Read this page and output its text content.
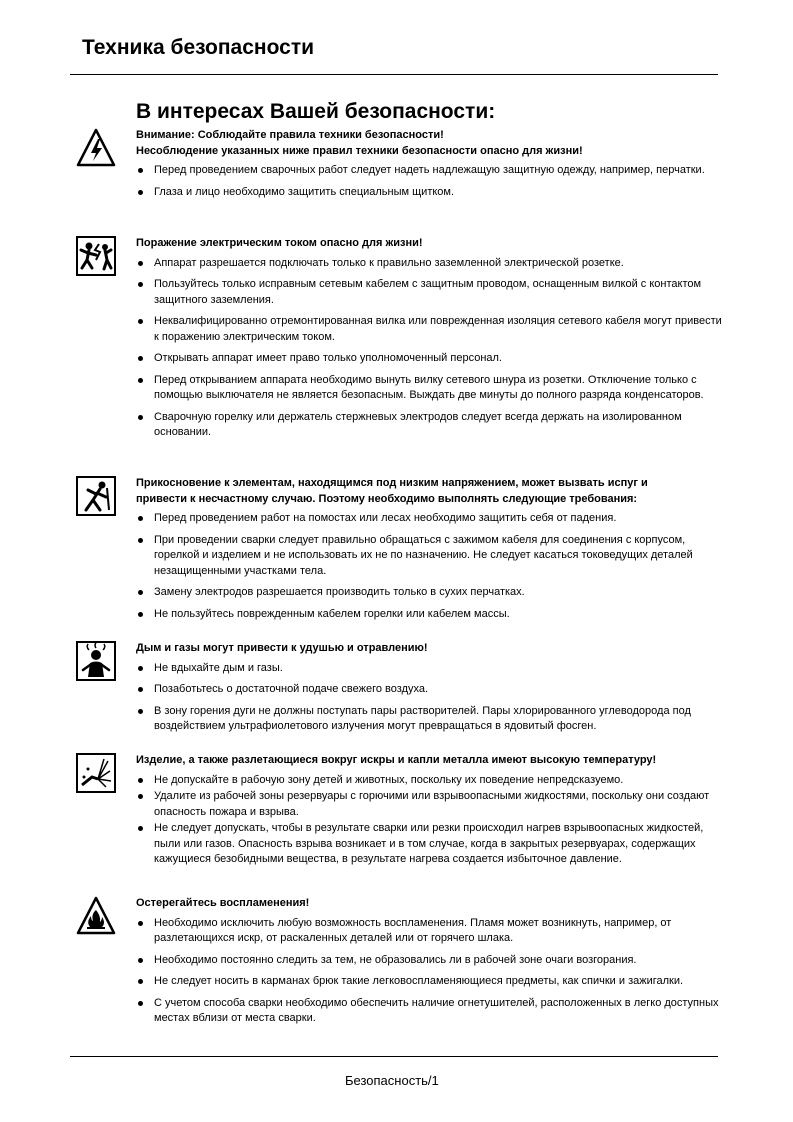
Техника безопасности
В интересах Вашей безопасности:
Внимание: Соблюдайте правила техники безопасности!
Несоблюдение указанных ниже правил техники безопасности опасно для жизни!
Перед проведением сварочных работ следует надеть надлежащую защитную одежду, например, перчатки.
Глаза и лицо необходимо защитить специальным щитком.
Поражение электрическим током опасно для жизни!
Аппарат разрешается подключать только к правильно заземленной электрической розетке.
Пользуйтесь только исправным сетевым кабелем с защитным проводом, оснащенным вилкой с контактом защитного заземления.
Неквалифицированно отремонтированная вилка или поврежденная изоляция сетевого кабеля могут привести к поражению электрическим током.
Открывать аппарат имеет право только уполномоченный персонал.
Перед открыванием аппарата необходимо вынуть вилку сетевого шнура из розетки. Отключение только с помощью выключателя не является безопасным. Выждать две минуты до полного разряда конденсаторов.
Сварочную горелку или держатель стержневых электродов следует всегда держать на изолированном основании.
Прикосновение к элементам, находящимся под низким напряжением, может вызвать испуг и
привести к несчастному случаю. Поэтому необходимо выполнять следующие требования:
Перед проведением работ на помостах или лесах необходимо защитить себя от падения.
При проведении сварки следует правильно обращаться с зажимом кабеля для соединения с корпусом, горелкой и изделием и не использовать их не по назначению. Не следует касаться токоведущих деталей незащищенными участками тела.
Замену электродов разрешается производить только в сухих перчатках.
Не пользуйтесь поврежденным кабелем горелки или кабелем массы.
Дым и газы могут привести к удушью и отравлению!
Не вдыхайте дым и газы.
Позаботьтесь о достаточной подаче свежего воздуха.
В зону горения дуги не должны поступать пары растворителей. Пары хлорированного углеводорода под воздействием ультрафиолетового излучения могут превращаться в ядовитый фосген.
Изделие, а также разлетающиеся вокруг искры и капли металла имеют высокую температуру!
Не допускайте в рабочую зону детей и животных, поскольку их поведение непредсказуемо.
Удалите из рабочей зоны резервуары с горючими или взрывоопасными жидкостями, поскольку они создают опасность пожара и взрыва.
Не следует допускать, чтобы в результате сварки или резки происходил нагрев взрывоопасных жидкостей, пыли или газов. Опасность взрыва возникает и в том случае, когда в закрытых резервуарах, содержащих кажущиеся безобидными вещества, в результате нагрева создается избыточное давление.
Остерегайтесь воспламенения!
Необходимо исключить любую возможность воспламенения. Пламя может возникнуть, например, от разлетающихся искр, от раскаленных деталей или от горячего шлака.
Необходимо постоянно следить за тем, не образовались ли в рабочей зоне очаги возгорания.
Не следует носить в карманах брюк такие легковоспламеняющиеся предметы, как спички и зажигалки.
С учетом способа сварки необходимо обеспечить наличие огнетушителей, расположенных в легко доступных местах вблизи от места сварки.
Безопасность/1
